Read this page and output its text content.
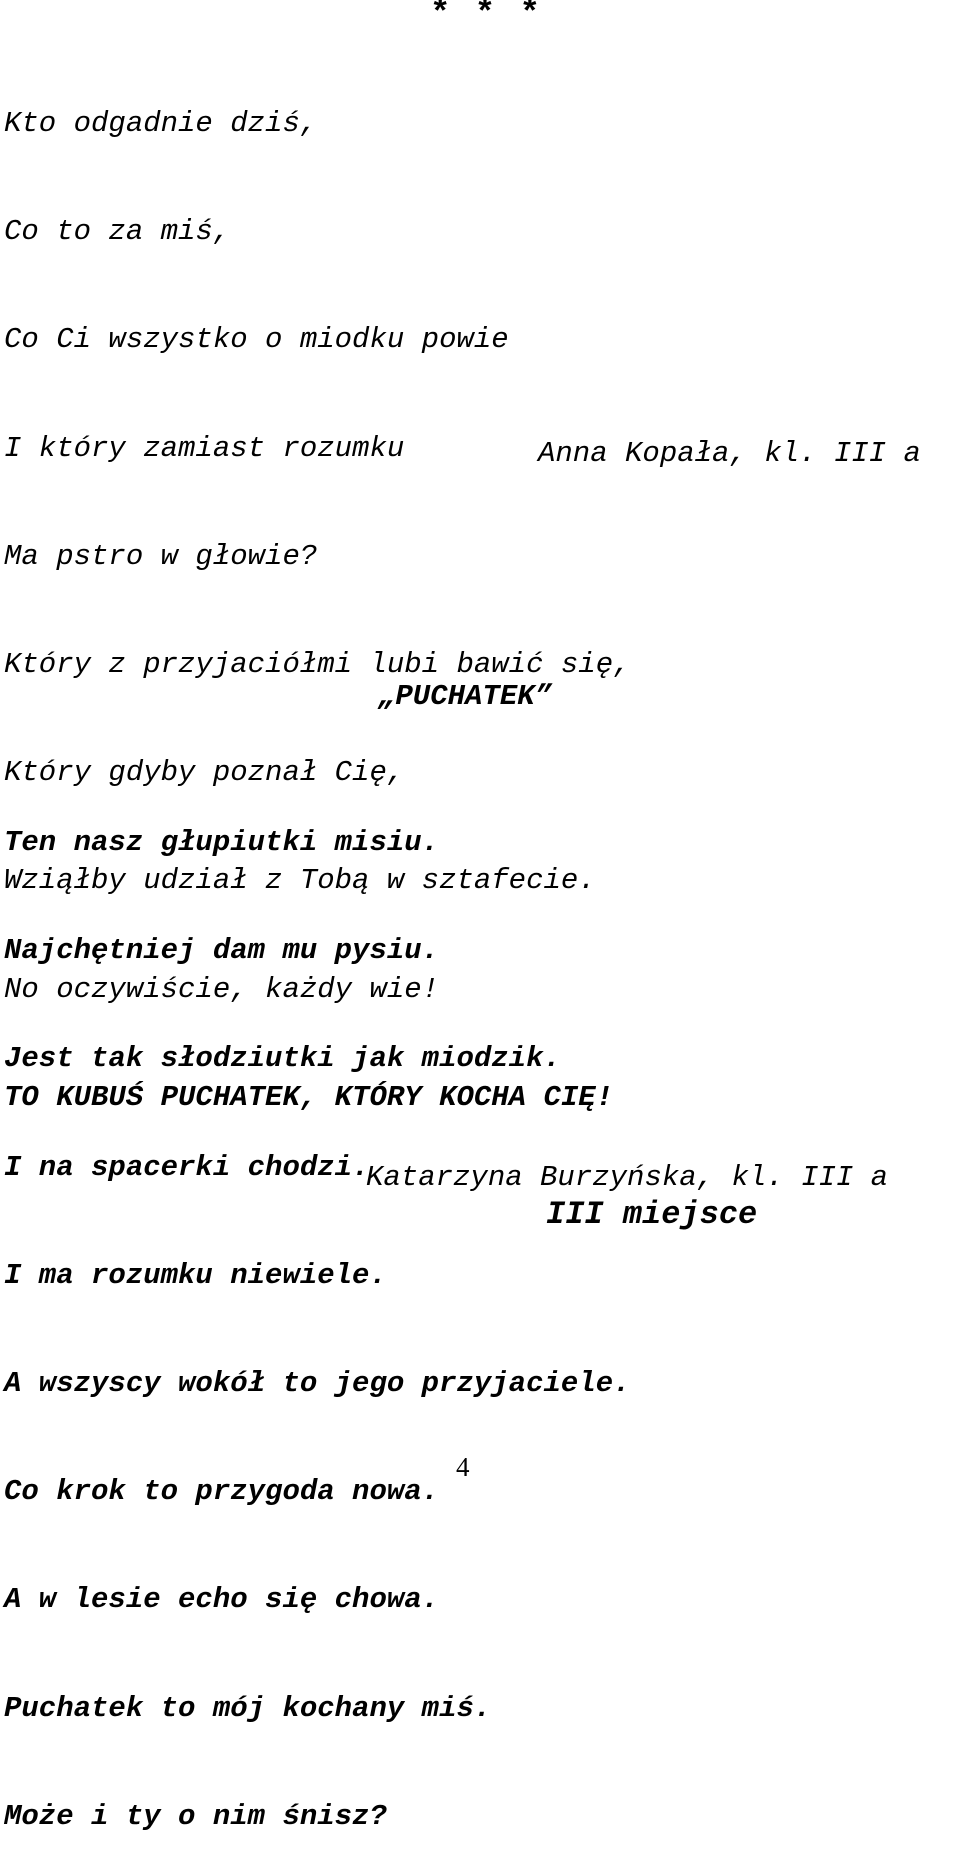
* * *

Kto odgadnie dziś,

Co to za miś,

Co Ci wszystko o miodku powie

I który zamiast rozumku

Ma pstro w głowie?

Który z przyjaciółmi lubi bawić się,

Który gdyby poznał Cię,

Wziąłby udział z Tobą w sztafecie.

No oczywiście, każdy wie!

TO KUBUŚ PUCHATEK, KTÓRY KOCHA CIĘ!

Anna Kopała, kl. III a
„PUCHATEK”

Ten nasz głupiutki misiu.

Najchętniej dam mu pysiu.

Jest tak słodziutki jak miodzik.

I na spacerki chodzi.

I ma rozumku niewiele.

A wszyscy wokół to jego przyjaciele.

Co krok to przygoda nowa.

A w lesie echo się chowa.

Puchatek to mój kochany miś.

Może i ty o nim śnisz?

Katarzyna Burzyńska, kl. III a
III miejsce
4
